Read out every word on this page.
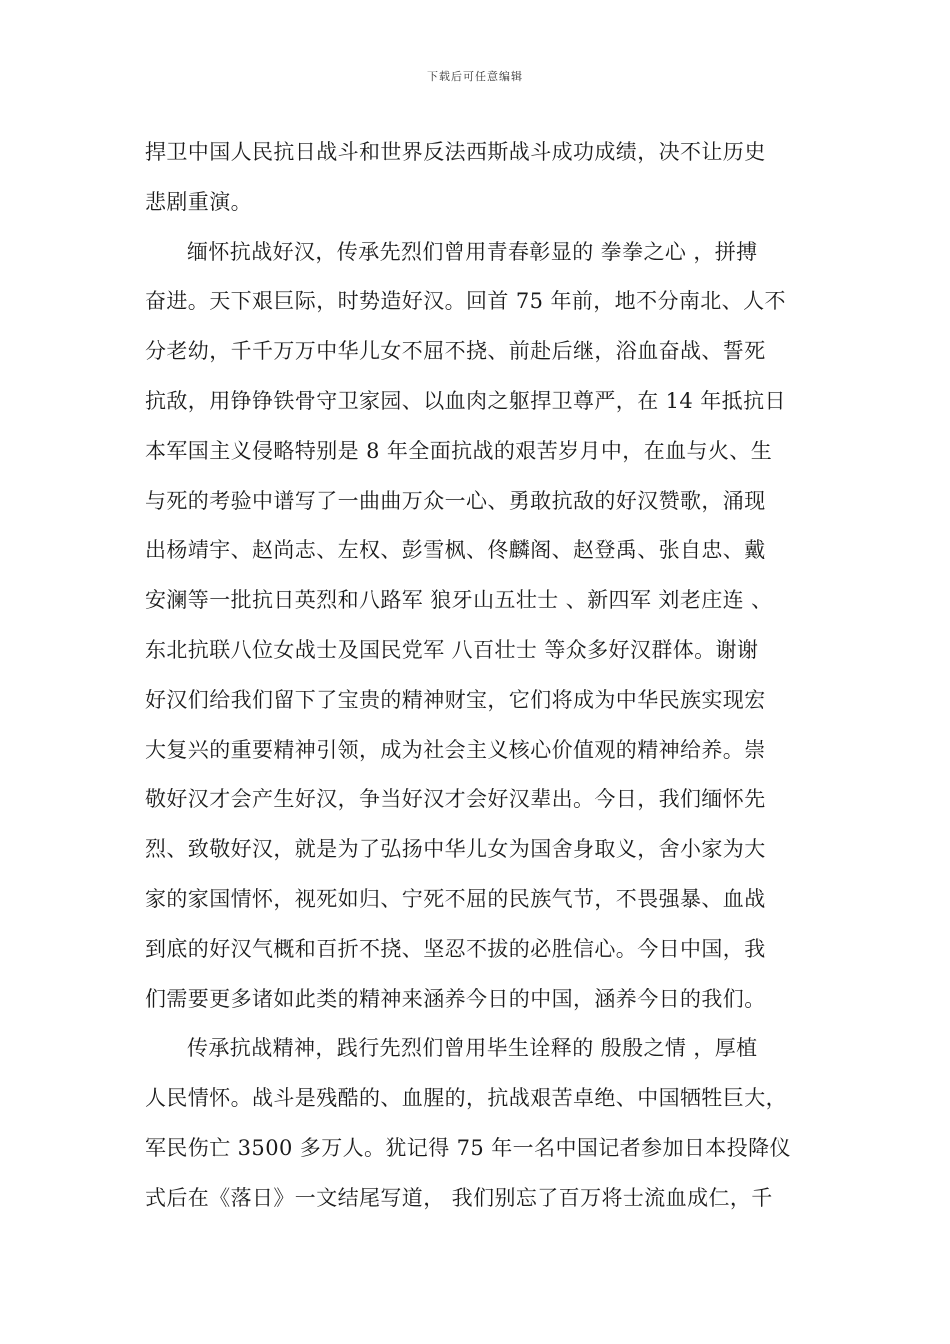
下载后可任意编辑
捍卫中国人民抗日战斗和世界反法西斯战斗成功成绩，决不让历史
悲剧重演。
缅怀抗战好汉，传承先烈们曾用青春彰显的 拳拳之心 ，拼搏
奋进。天下艰巨际，时势造好汉。回首 75 年前，地不分南北、人不
分老幼，千千万万中华儿女不屈不挠、前赴后继，浴血奋战、誓死
抗敌，用铮铮铁骨守卫家园、以血肉之躯捍卫尊严，在 14 年抵抗日
本军国主义侵略特别是 8 年全面抗战的艰苦岁月中，在血与火、生
与死的考验中谱写了一曲曲万众一心、勇敢抗敌的好汉赞歌，涌现
出杨靖宇、赵尚志、左权、彭雪枫、佟麟阁、赵登禹、张自忠、戴
安澜等一批抗日英烈和八路军 狼牙山五壮士 、新四军 刘老庄连 、
东北抗联八位女战士及国民党军 八百壮士 等众多好汉群体。谢谢
好汉们给我们留下了宝贵的精神财宝，它们将成为中华民族实现宏
大复兴的重要精神引领，成为社会主义核心价值观的精神给养。崇
敬好汉才会产生好汉，争当好汉才会好汉辈出。今日，我们缅怀先
烈、致敬好汉，就是为了弘扬中华儿女为国舍身取义，舍小家为大
家的家国情怀，视死如归、宁死不屈的民族气节，不畏强暴、血战
到底的好汉气概和百折不挠、坚忍不拔的必胜信心。今日中国，我
们需要更多诸如此类的精神来涵养今日的中国，涵养今日的我们。
传承抗战精神，践行先烈们曾用毕生诠释的 殷殷之情 ，厚植
人民情怀。战斗是残酷的、血腥的，抗战艰苦卓绝、中国牺牲巨大，
军民伤亡 3500 多万人。犹记得 75 年一名中国记者参加日本投降仪
式后在《落日》一文结尾写道， 我们别忘了百万将士流血成仁，千
